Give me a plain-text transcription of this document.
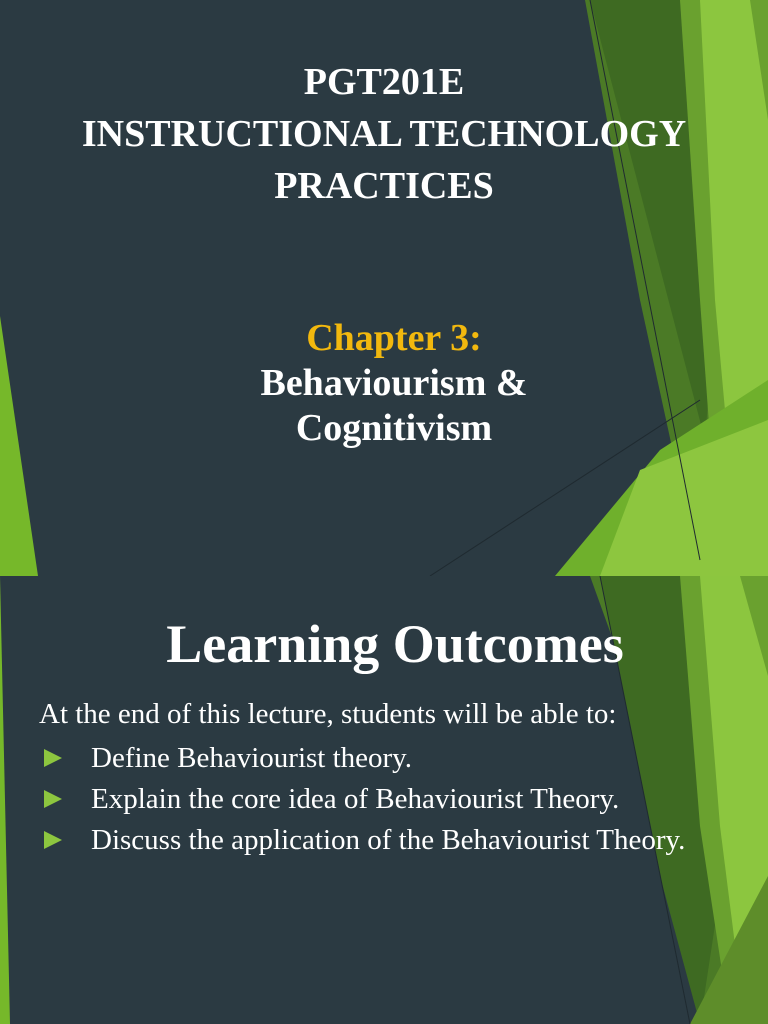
PGT201E
INSTRUCTIONAL TECHNOLOGY
PRACTICES
Chapter 3:
Behaviourism &
Cognitivism
Learning Outcomes
At the end of this lecture, students will be able to:
Define Behaviourist theory.
Explain the core idea of Behaviourist Theory.
Discuss the application of the Behaviourist Theory.
